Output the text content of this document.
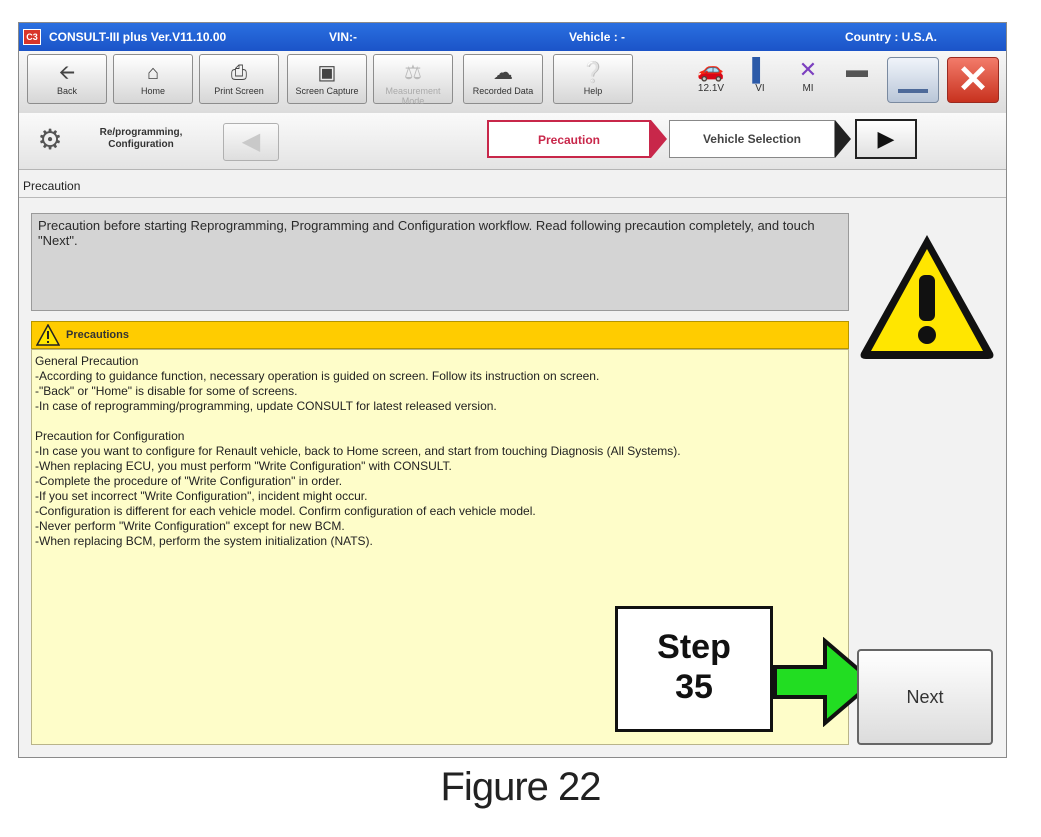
C3 CONSULT-III plus Ver.V11.10.00	VIN:-	Vehicle : -	Country : U.S.A.
🡨
Back
⌂
Home
⎙
Print Screen
▣
Screen Capture
⚖
Measurement Mode
☁
Recorded Data
❔
Help
🚗
12.1V
▌
VI
✕
MI
▬ ✕
⚙	Re/programming, Configuration	◀	Precaution	Vehicle Selection	▶
Precaution
Precaution before starting Reprogramming, Programming and Configuration workflow. Read following precaution completely, and touch "Next".
Precautions

General Precaution

-According to guidance function, necessary operation is guided on screen. Follow its instruction on screen.

-"Back" or "Home" is disable for some of screens.

-In case of reprogramming/programming, update CONSULT for latest released version.

Precaution for Configuration

-In case you want to configure for Renault vehicle, back to Home screen, and start from touching Diagnosis (All Systems).

-When replacing ECU, you must perform "Write Configuration" with CONSULT.

-Complete the procedure of "Write Configuration" in order.

-If you set incorrect "Write Configuration", incident might occur.

-Configuration is different for each vehicle model. Confirm configuration of each vehicle model.

-Never perform "Write Configuration" except for new BCM.

-When replacing BCM, perform the system initialization (NATS).

Step
35	Next
Figure 22
